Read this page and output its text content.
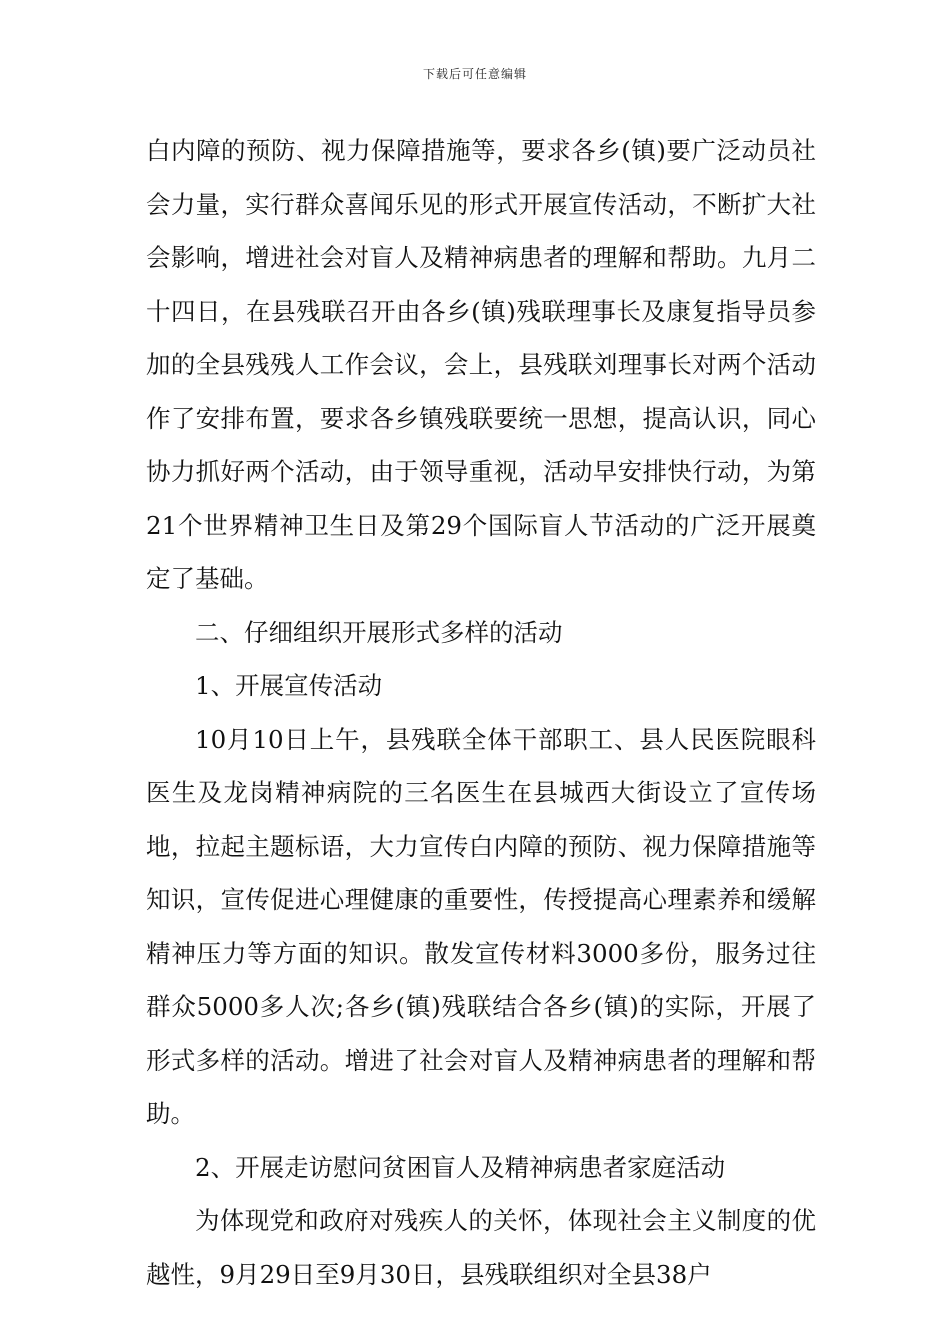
下载后可任意编辑

白内障的预防、视力保障措施等，要求各乡(镇)要广泛动员社会力量，实行群众喜闻乐见的形式开展宣传活动，不断扩大社会影响，增进社会对盲人及精神病患者的理解和帮助。九月二十四日，在县残联召开由各乡(镇)残联理事长及康复指导员参加的全县残残人工作会议，会上，县残联刘理事长对两个活动作了安排布置，要求各乡镇残联要统一思想，提高认识，同心协力抓好两个活动，由于领导重视，活动早安排快行动，为第21个世界精神卫生日及第29个国际盲人节活动的广泛开展奠定了基础。

二、仔细组织开展形式多样的活动

1、开展宣传活动

10月10日上午，县残联全体干部职工、县人民医院眼科医生及龙岗精神病院的三名医生在县城西大街设立了宣传场地，拉起主题标语，大力宣传白内障的预防、视力保障措施等知识，宣传促进心理健康的重要性，传授提高心理素养和缓解精神压力等方面的知识。散发宣传材料3000多份，服务过往群众5000多人次;各乡(镇)残联结合各乡(镇)的实际，开展了形式多样的活动。增进了社会对盲人及精神病患者的理解和帮助。

2、开展走访慰问贫困盲人及精神病患者家庭活动

为体现党和政府对残疾人的关怀，体现社会主义制度的优越性，9月29日至9月30日，县残联组织对全县38户
